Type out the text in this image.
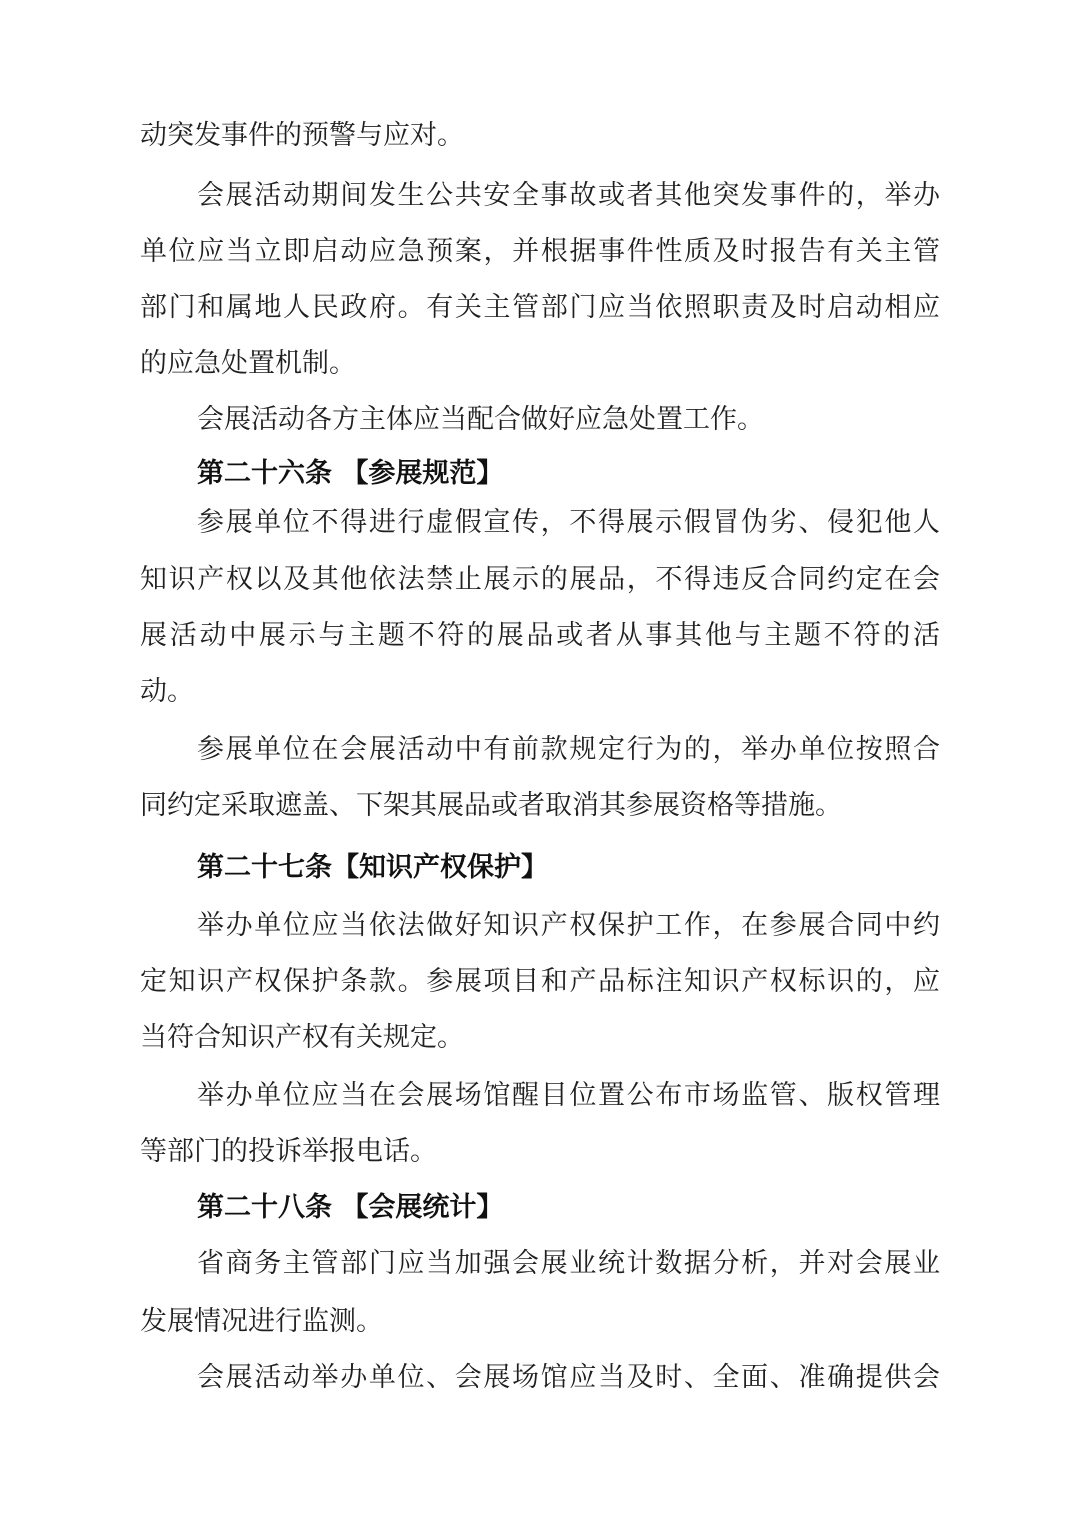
动突发事件的预警与应对。
会展活动期间发生公共安全事故或者其他突发事件的，举办
单位应当立即启动应急预案，并根据事件性质及时报告有关主管
部门和属地人民政府。有关主管部门应当依照职责及时启动相应
的应急处置机制。
会展活动各方主体应当配合做好应急处置工作。
第二十六条 【参展规范】
参展单位不得进行虚假宣传，不得展示假冒伪劣、侵犯他人
知识产权以及其他依法禁止展示的展品，不得违反合同约定在会
展活动中展示与主题不符的展品或者从事其他与主题不符的活
动。
参展单位在会展活动中有前款规定行为的，举办单位按照合
同约定采取遮盖、下架其展品或者取消其参展资格等措施。
第二十七条【知识产权保护】
举办单位应当依法做好知识产权保护工作，在参展合同中约
定知识产权保护条款。参展项目和产品标注知识产权标识的，应
当符合知识产权有关规定。
举办单位应当在会展场馆醒目位置公布市场监管、版权管理
等部门的投诉举报电话。
第二十八条 【会展统计】
省商务主管部门应当加强会展业统计数据分析，并对会展业
发展情况进行监测。
会展活动举办单位、会展场馆应当及时、全面、准确提供会
